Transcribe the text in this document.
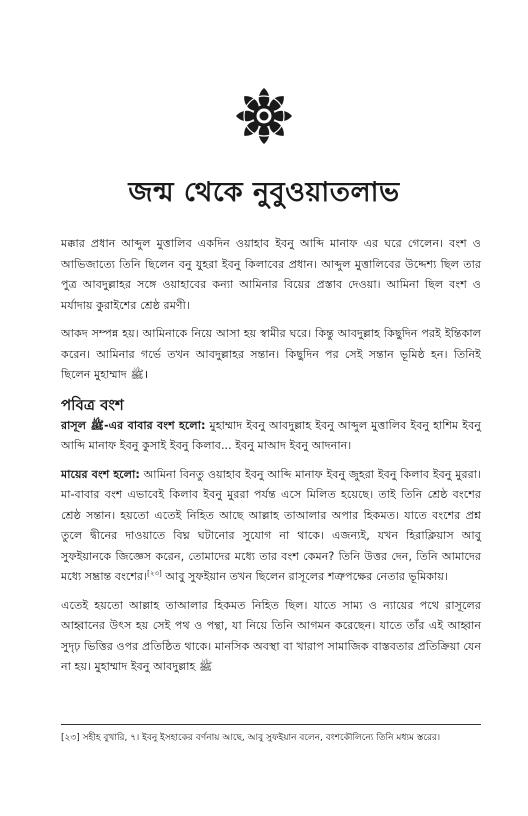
জন্ম থেকে নুবুওয়াতলাভ

মক্কার প্রধান আব্দুল মুত্তালিব একদিন ওয়াহাব ইবনু আব্দি মানাফ এর ঘরে গেলেন। বংশ ও আভিজাত্যে তিনি ছিলেন বনু যুহরা ইবনু কিলাবের প্রধান। আব্দুল মুত্তালিবের উদ্দেশ্য ছিল তার পুত্র আবদুল্লাহর সঙ্গে ওয়াহাবের কন্যা আমিনার বিয়ের প্রস্তাব দেওয়া। আমিনা ছিল বংশ ও মর্যাদায় কুরাইশের শ্রেষ্ঠ রমণী।

আকদ সম্পন্ন হয়। আমিনাকে নিয়ে আসা হয় স্বামীর ঘরে। কিন্তু আবদুল্লাহ কিছুদিন পরই ইন্তিকাল করেন। আমিনার গর্ভে তখন আবদুল্লাহর সন্তান। কিছুদিন পর সেই সন্তান ভূমিষ্ঠ হন। তিনিই ছিলেন মুহাম্মাদ ﷺ।

পবিত্র বংশ

রাসূল ﷺ-এর বাবার বংশ হলো: মুহাম্মাদ ইবনু আবদুল্লাহ ইবনু আব্দুল মুত্তালিব ইবনু হাশিম ইবনু আব্দি মানাফ ইবনু কুসাই ইবনু কিলাব... ইবনু মাআদ ইবনু আদনান।

মায়ের বংশ হলো: আমিনা বিনতু ওয়াহাব ইবনু আব্দি মানাফ ইবনু জুহরা ইবনু কিলাব ইবনু মুররা। মা-বাবার বংশ এভাবেই কিলাব ইবনু মুররা পর্যন্ত এসে মিলিত হয়েছে। তাই তিনি শ্রেষ্ঠ বংশের শ্রেষ্ঠ সন্তান। হয়তো এতেই নিহিত আছে আল্লাহ তাআলার অপার হিকমত। যাতে বংশের প্রশ্ন তুলে দ্বীনের দাওয়াতে বিঘ্ন ঘটানোর সুযোগ না থাকে। এজন্যই, যখন হিরাক্লিয়াস আবু সুফইয়ানকে জিজ্ঞেস করেন, তোমাদের মধ্যে তার বংশ কেমন? তিনি উত্তর দেন, তিনি আমাদের মধ্যে সম্ভ্রান্ত বংশের।[২৩] আবু সুফইয়ান তখন ছিলেন রাসূলের শত্রুপক্ষের নেতার ভূমিকায়।

এতেই হয়তো আল্লাহ তাআলার হিকমত নিহিত ছিল। যাতে সাম্য ও ন্যায়ের পথে রাসূলের আহ্বানের উৎস হয় সেই পথ ও পন্থা, যা নিয়ে তিনি আগমন করেছেন। যাতে তাঁর এই আহ্বান সুদৃঢ় ভিত্তির ওপর প্রতিষ্ঠিত থাকে। মানসিক অবস্থা বা খারাপ সামাজিক বাস্তবতার প্রতিক্রিয়া যেন না হয়। মুহাম্মাদ ইবনু আবদুল্লাহ ﷺ

[২৩] সহীহ বুখারি, ৭। ইবনু ইসহাকের বর্ণনায় আছে, আবু সুফইয়ান বলেন, বংশকৌলিন্যে তিনি মধ্যম স্তরের।
